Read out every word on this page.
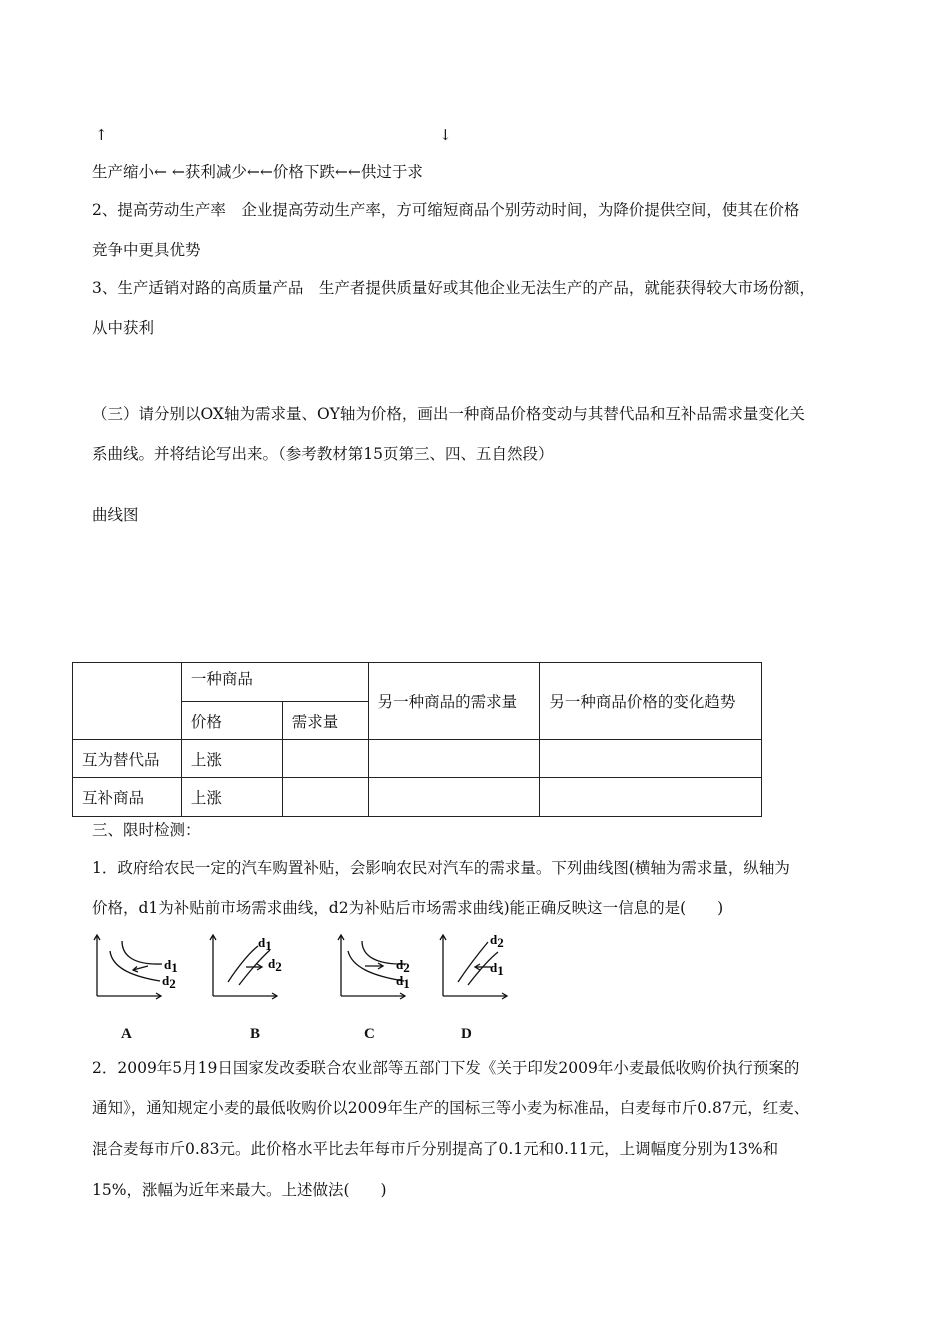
↑	↓
生产缩小← ←获利减少←←价格下跌←←供过于求
2、提高劳动生产率　企业提高劳动生产率，方可缩短商品个别劳动时间，为降价提供空间，使其在价格
竞争中更具优势
3、生产适销对路的高质量产品　生产者提供质量好或其他企业无法生产的产品，就能获得较大市场份额，
从中获利
（三）请分别以OX轴为需求量、OY轴为价格，画出一种商品价格变动与其替代品和互补品需求量变化关
系曲线。并将结论写出来。（参考教材第15页第三、四、五自然段）
曲线图
	一种商品		另一种商品的需求量	另一种商品价格的变化趋势
	价格	需求量		
互为替代品	上涨			
互补商品	上涨			
三、限时检测：
1．政府给农民一定的汽车购置补贴，会影响农民对汽车的需求量。下列曲线图(横轴为需求量，纵轴为
价格，d1为补贴前市场需求曲线，d2为补贴后市场需求曲线)能正确反映这一信息的是(　　)
d1
d2
A
d1
d2
B
d2
d1
C
d2
d1
D
2．2009年5月19日国家发改委联合农业部等五部门下发《关于印发2009年小麦最低收购价执行预案的
通知》，通知规定小麦的最低收购价以2009年生产的国标三等小麦为标准品，白麦每市斤0.87元，红麦、
混合麦每市斤0.83元。此价格水平比去年每市斤分别提高了0.1元和0.11元，上调幅度分别为13%和
15%，涨幅为近年来最大。上述做法(　　)
